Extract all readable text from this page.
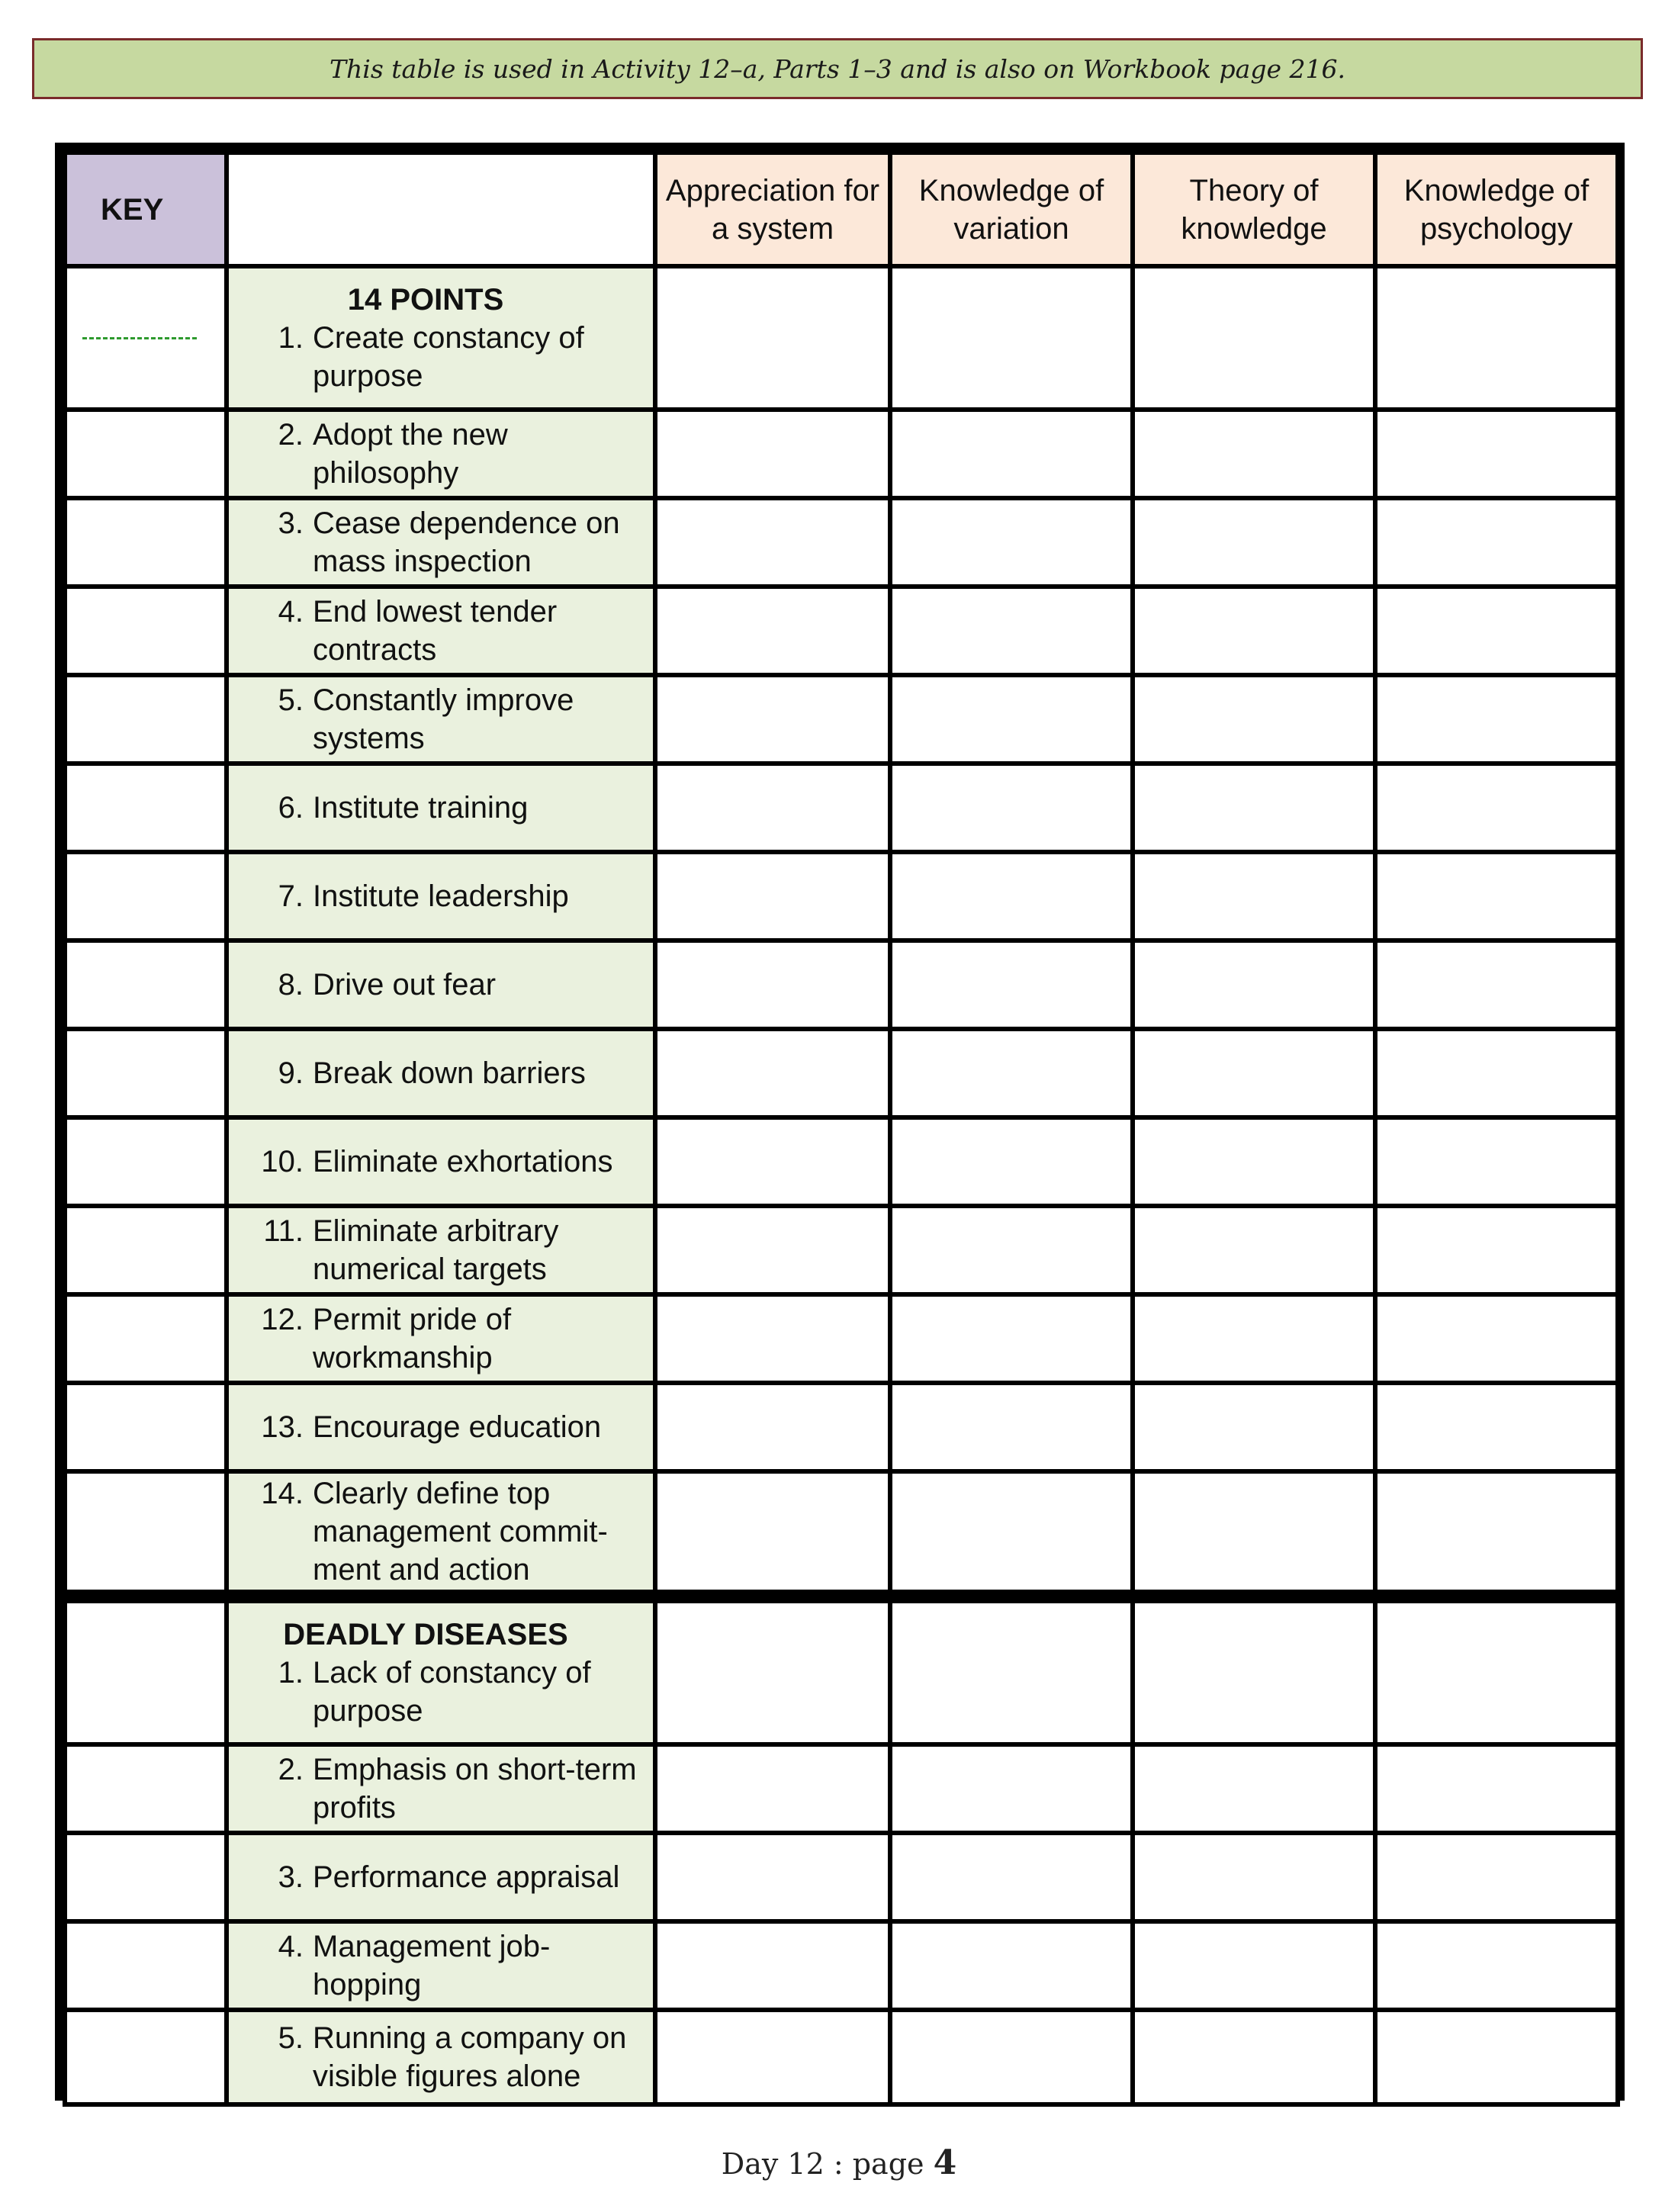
This table is used in Activity 12–a, Parts 1–3 and is also on Workbook page 216.
KEY		Appreciation for a system	Knowledge of variation	Theory of knowledge	Knowledge of psychology

	14 POINTS
1. Create constancy of purpose				

	2. Adopt the new philosophy				

	3. Cease dependence on mass inspection				

	4. End lowest tender contracts				

	5. Constantly improve systems				

	6. Institute training				

	7. Institute leadership				

	8. Drive out fear				

	9. Break down barriers				

	10. Eliminate exhortations				

	11. Eliminate arbitrary numerical targets				

	12. Permit pride of workmanship				

	13. Encourage education				

	14. Clearly define top management commit-ment and action				

	DEADLY DISEASES
1. Lack of constancy of purpose				

	2. Emphasis on short-term profits				

	3. Performance appraisal				

	4. Management job-hopping				

	5. Running a company on visible figures alone				

Day 12 : page 4
